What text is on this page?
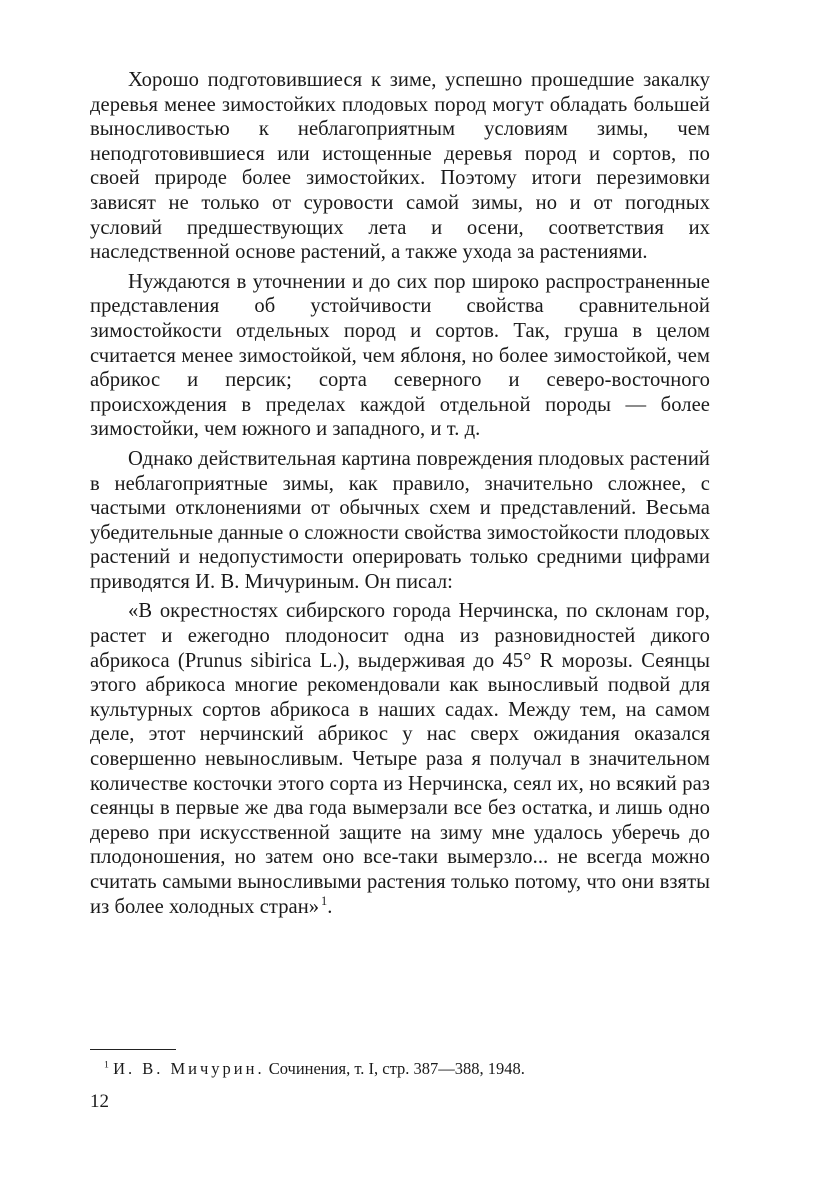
Хорошо подготовившиеся к зиме, успешно прошедшие закалку деревья менее зимостойких плодовых пород могут обладать большей выносливостью к неблагоприятным условиям зимы, чем неподготовившиеся или истощенные деревья пород и сортов, по своей природе более зимостойких. Поэтому итоги перезимовки зависят не только от суровости самой зимы, но и от погодных условий предшествующих лета и осени, соответствия их наследственной основе растений, а также ухода за растениями.

Нуждаются в уточнении и до сих пор широко распространенные представления об устойчивости свойства сравнительной зимостойкости отдельных пород и сортов. Так, груша в целом считается менее зимостойкой, чем яблоня, но более зимостойкой, чем абрикос и персик; сорта северного и северо-восточного происхождения в пределах каждой отдельной породы — более зимостойки, чем южного и западного, и т. д.

Однако действительная картина повреждения плодовых растений в неблагоприятные зимы, как правило, значительно сложнее, с частыми отклонениями от обычных схем и представлений. Весьма убедительные данные о сложности свойства зимостойкости плодовых растений и недопустимости оперировать только средними цифрами приводятся И. В. Мичуриным. Он писал:

«В окрестностях сибирского города Нерчинска, по склонам гор, растет и ежегодно плодоносит одна из разновидностей дикого абрикоса (Prunus sibirica L.), выдерживая до 45° R морозы. Сеянцы этого абрикоса многие рекомендовали как выносливый подвой для культурных сортов абрикоса в наших садах. Между тем, на самом деле, этот нерчинский абрикос у нас сверх ожидания оказался совершенно невыносливым. Четыре раза я получал в значительном количестве косточки этого сорта из Нерчинска, сеял их, но всякий раз сеянцы в первые же два года вымерзали все без остатка, и лишь одно дерево при искусственной защите на зиму мне удалось уберечь до плодоношения, но затем оно все-таки вымерзло... не всегда можно считать самыми выносливыми растения только потому, что они взяты из более холодных стран»  $^1$.

$^1$ И. В. Мичурин. Сочинения, т. I, стр. 387—388, 1948.
12
